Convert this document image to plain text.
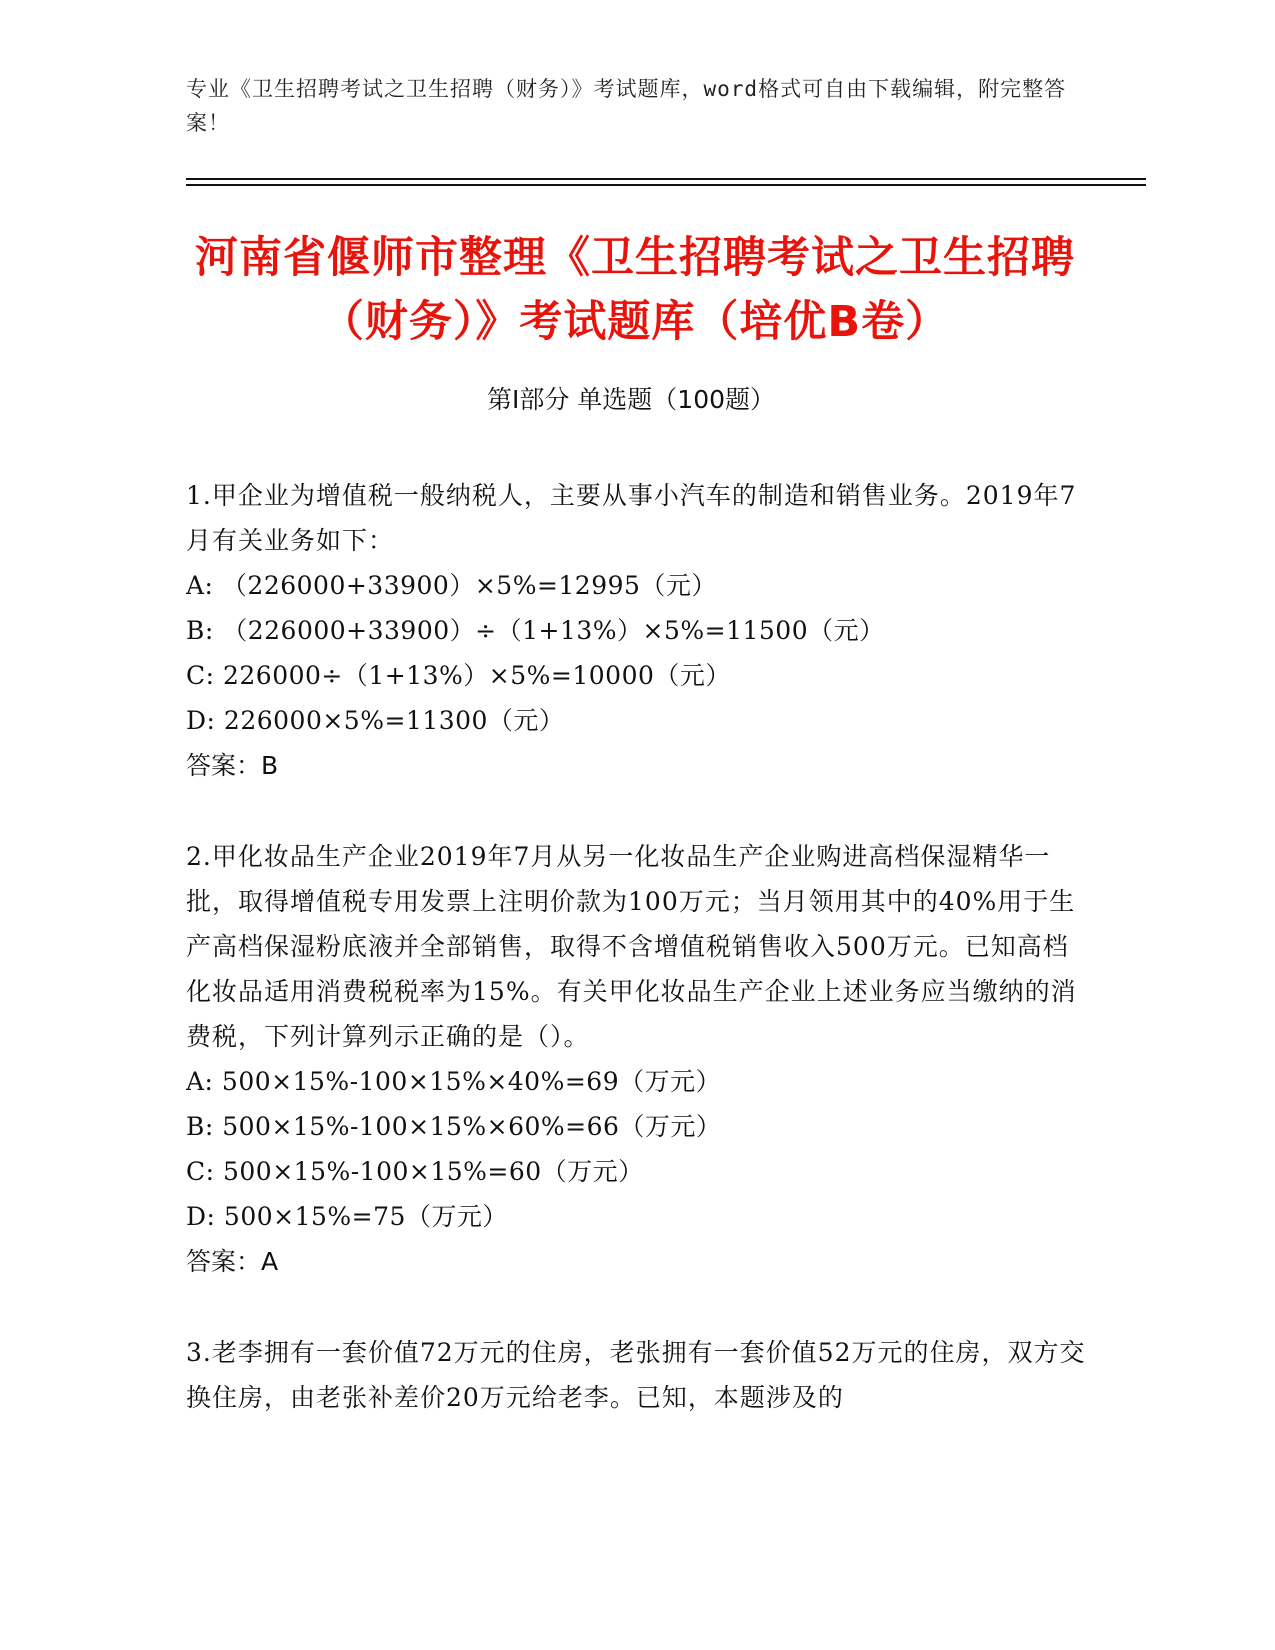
专业《卫生招聘考试之卫生招聘（财务）》考试题库，word格式可自由下载编辑，附完整答案！
河南省偃师市整理《卫生招聘考试之卫生招聘（财务）》考试题库（培优B卷）
第I部分 单选题（100题）
1.甲企业为增值税一般纳税人，主要从事小汽车的制造和销售业务。2019年7月有关业务如下：
A: （226000+33900）×5%=12995（元）
B: （226000+33900）÷（1+13%）×5%=11500（元）
C: 226000÷（1+13%）×5%=10000（元）
D: 226000×5%=11300（元）
答案：B
2.甲化妆品生产企业2019年7月从另一化妆品生产企业购进高档保湿精华一批，取得增值税专用发票上注明价款为100万元；当月领用其中的40%用于生产高档保湿粉底液并全部销售，取得不含增值税销售收入500万元。已知高档化妆品适用消费税税率为15%。有关甲化妆品生产企业上述业务应当缴纳的消费税，下列计算列示正确的是（）。
A: 500×15%-100×15%×40%=69（万元）
B: 500×15%-100×15%×60%=66（万元）
C: 500×15%-100×15%=60（万元）
D: 500×15%=75（万元）
答案：A
3.老李拥有一套价值72万元的住房，老张拥有一套价值52万元的住房，双方交换住房，由老张补差价20万元给老李。已知，本题涉及的
